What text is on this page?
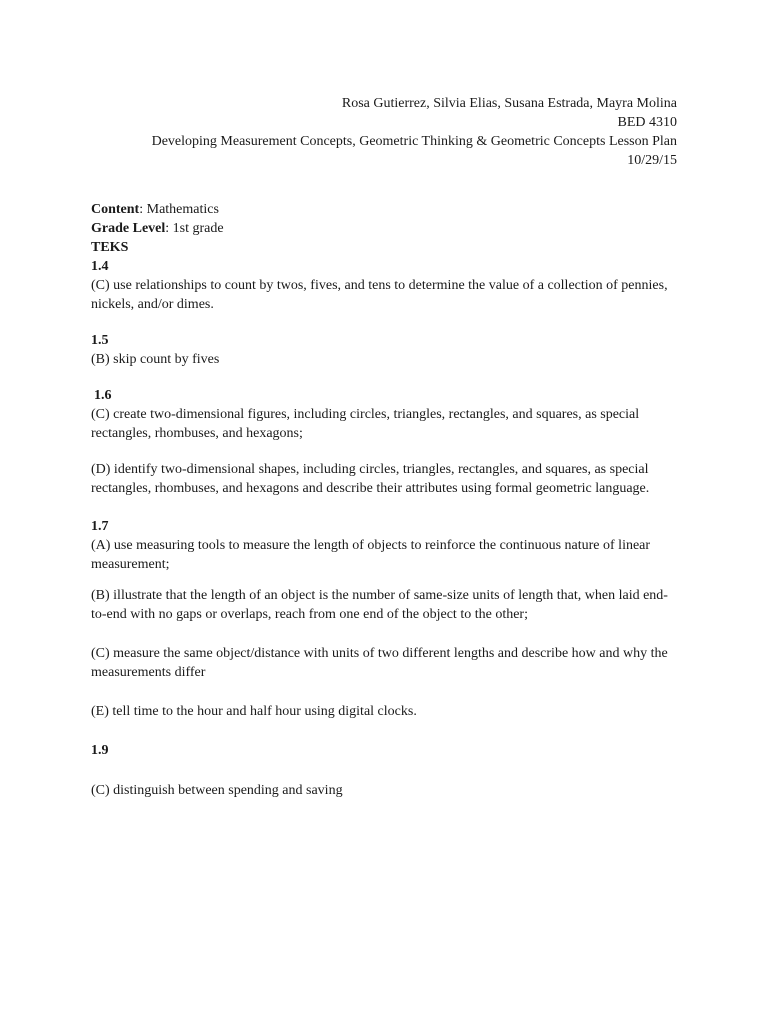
Rosa Gutierrez, Silvia Elias, Susana Estrada, Mayra Molina
BED 4310
Developing Measurement Concepts, Geometric Thinking & Geometric Concepts Lesson Plan
10/29/15

Content: Mathematics

Grade Level: 1st grade

TEKS

1.4

(C) use relationships to count by twos, fives, and tens to determine the value of a collection of pennies, nickels, and/or dimes.

1.5

(B) skip count by fives

1.6

(C) create two-dimensional figures, including circles, triangles, rectangles, and squares, as special rectangles, rhombuses, and hexagons;

(D) identify two-dimensional shapes, including circles, triangles, rectangles, and squares, as special rectangles, rhombuses, and hexagons and describe their attributes using formal geometric language.

1.7

(A) use measuring tools to measure the length of objects to reinforce the continuous nature of linear measurement;

(B) illustrate that the length of an object is the number of same-size units of length that, when laid end-to-end with no gaps or overlaps, reach from one end of the object to the other;

(C) measure the same object/distance with units of two different lengths and describe how and why the measurements differ

(E) tell time to the hour and half hour using digital clocks.

1.9

(C) distinguish between spending and saving
